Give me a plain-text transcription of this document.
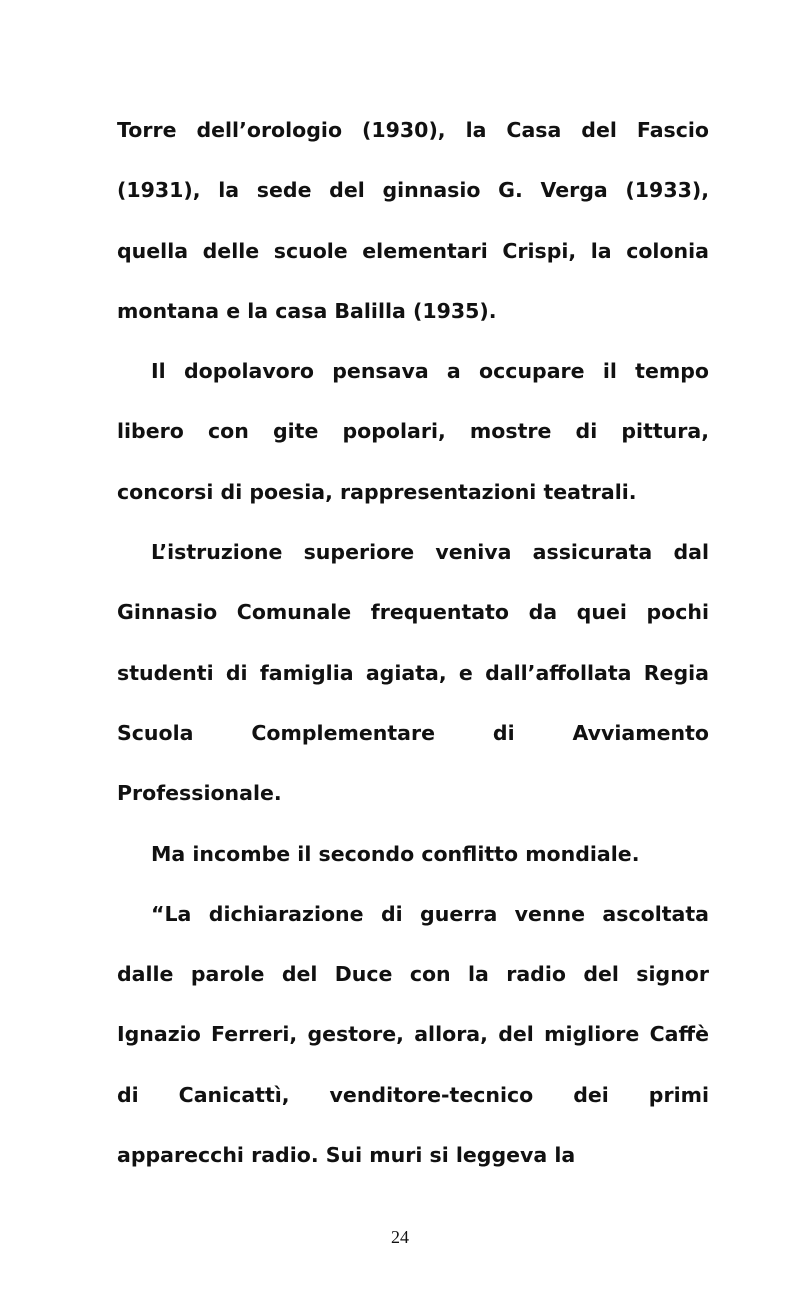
Torre dell’orologio (1930), la Casa del Fascio (1931), la sede del ginnasio G. Verga (1933), quella delle scuole elementari Crispi, la colonia montana e la casa Balilla (1935).

Il dopolavoro pensava a occupare il tempo libero con gite popolari, mostre di pittura, concorsi di poesia, rappresentazioni teatrali.

L’istruzione superiore veniva assicurata dal Ginnasio Comunale frequentato da quei pochi studenti di famiglia agiata, e dall’affollata Regia Scuola Complementare di Avviamento Professionale.

Ma incombe il secondo conflitto mondiale.

“La dichiarazione di guerra venne ascoltata dalle parole del Duce con la radio del signor Ignazio Ferreri, gestore, allora, del migliore Caffè di Canicattì, venditore-tecnico dei primi apparecchi radio. Sui muri si leggeva la

24
